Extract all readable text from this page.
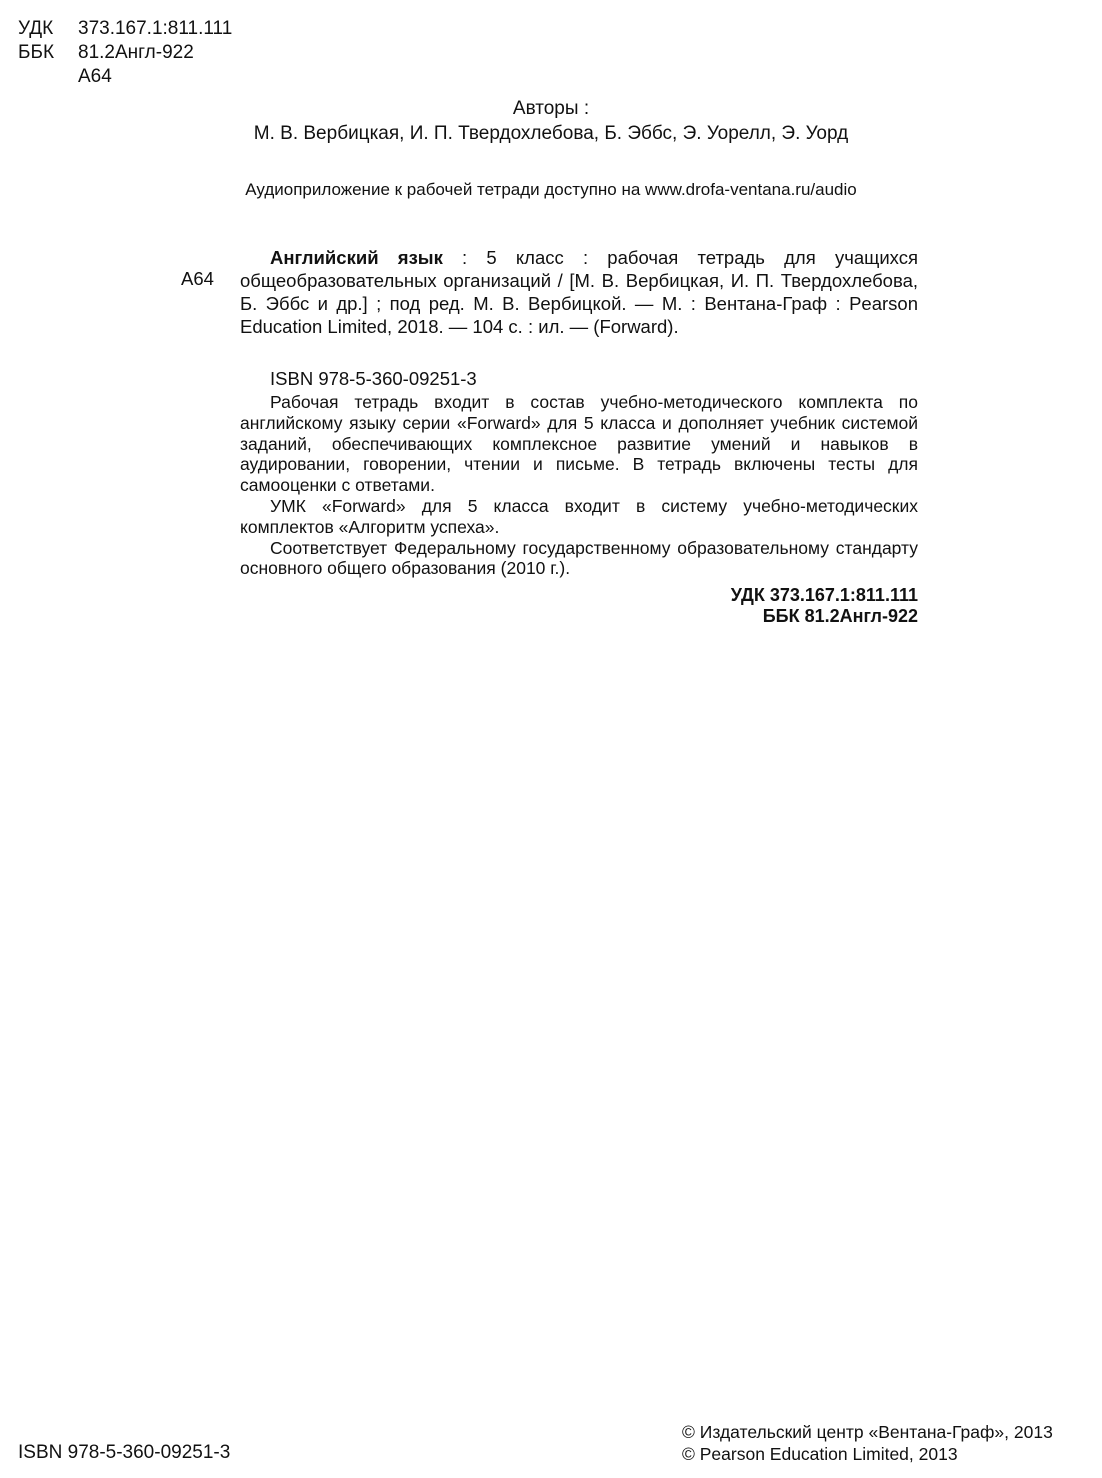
УДК 373.167.1:811.111
ББК 81.2Англ-922
А64
Авторы :
М. В. Вербицкая, И. П. Твердохлебова, Б. Эббс, Э. Уорелл, Э. Уорд
Аудиоприложение к рабочей тетради доступно на www.drofa-ventana.ru/audio
А64

Английский язык : 5 класс : рабочая тетрадь для учащихся общеобразовательных организаций / [М. В. Вербицкая, И. П. Твердохлебова, Б. Эббс и др.] ; под ред. М. В. Вербицкой. — М. : Вентана-Граф : Pearson Education Limited, 2018. — 104 с. : ил. — (Forward).

ISBN 978-5-360-09251-3

Рабочая тетрадь входит в состав учебно-методического комплекта по английскому языку серии «Forward» для 5 класса и дополняет учебник системой заданий, обеспечивающих комплексное развитие умений и навыков в аудировании, говорении, чтении и письме. В тетрадь включены тесты для самооценки с ответами.

УМК «Forward» для 5 класса входит в систему учебно-методических комплектов «Алгоритм успеха».

Соответствует Федеральному государственному образовательному стандарту основного общего образования (2010 г.).

УДК 373.167.1:811.111
ББК 81.2Англ-922
ISBN 978-5-360-09251-3
© Издательский центр «Вентана-Граф», 2013
© Pearson Education Limited, 2013
